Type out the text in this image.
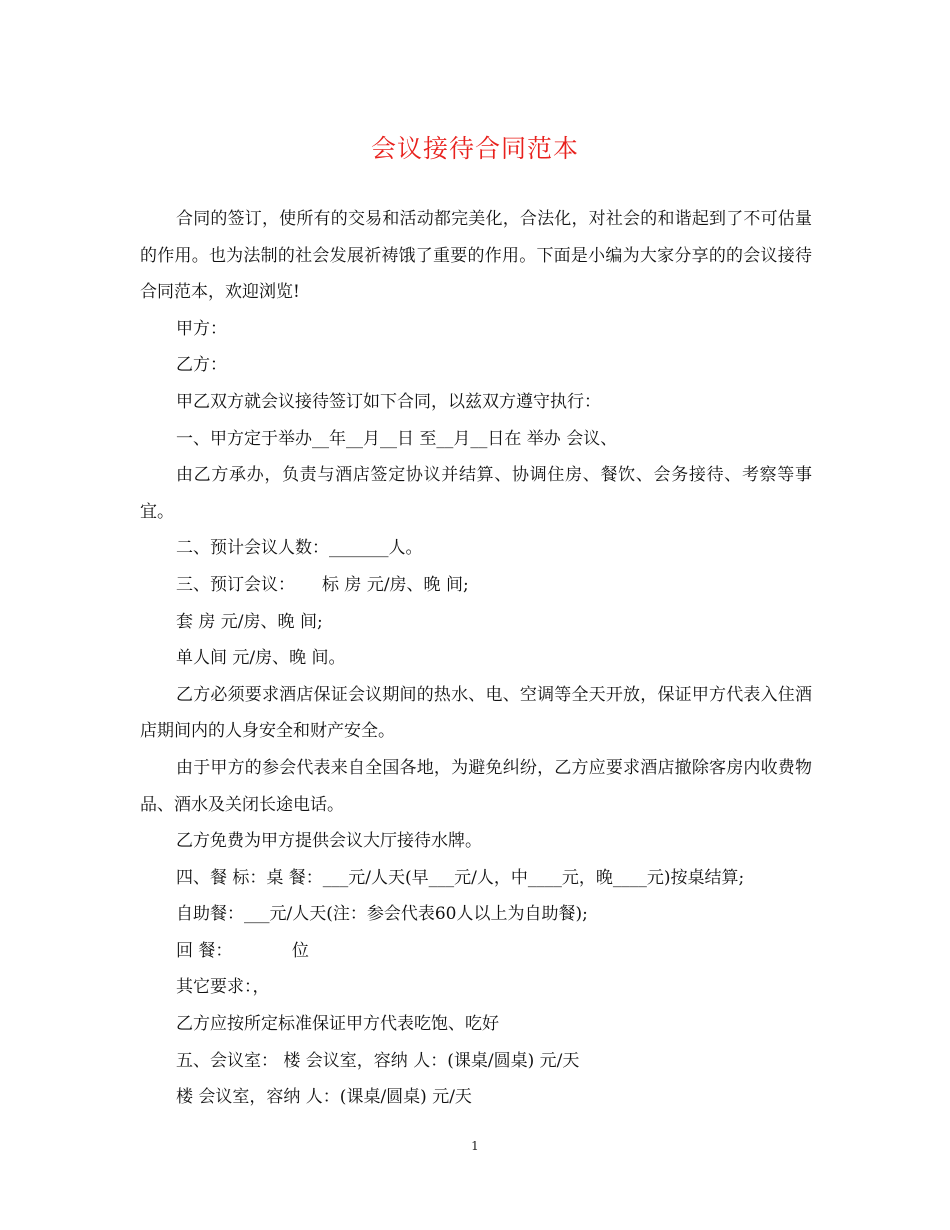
会议接待合同范本

合同的签订，使所有的交易和活动都完美化，合法化，对社会的和谐起到了不可估量的作用。也为法制的社会发展祈祷饿了重要的作用。下面是小编为大家分享的的会议接待合同范本，欢迎浏览!

甲方：

乙方：

甲乙双方就会议接待签订如下合同，以兹双方遵守执行：

一、甲方定于举办__年__月__日 至__月__日在 举办 会议、

由乙方承办，负责与酒店签定协议并结算、协调住房、餐饮、会务接待、考察等事宜。

二、预计会议人数：_______人。

三、预订会议：     标 房 元/房、晚 间;

套 房 元/房、晚 间;

单人间 元/房、晚 间。

乙方必须要求酒店保证会议期间的热水、电、空调等全天开放，保证甲方代表入住酒店期间内的人身安全和财产安全。

由于甲方的参会代表来自全国各地，为避免纠纷，乙方应要求酒店撤除客房内收费物品、酒水及关闭长途电话。

乙方免费为甲方提供会议大厅接待水牌。

四、餐 标：桌 餐：___元/人天(早___元/人，中____元，晚____元)按桌结算;

自助餐：___元/人天(注：参会代表60人以上为自助餐);

回 餐：           位

其它要求：，

乙方应按所定标准保证甲方代表吃饱、吃好

五、会议室： 楼 会议室，容纳 人：(课桌/圆桌) 元/天

楼 会议室，容纳 人：(课桌/圆桌) 元/天

1
